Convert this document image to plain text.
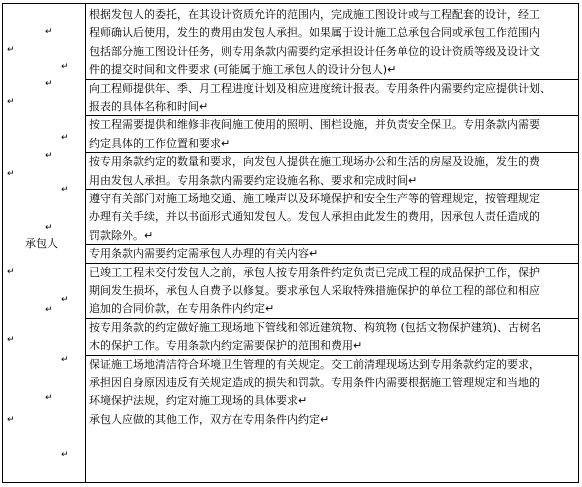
↵
↵
↵
↵
↵
↵
↵
↵
↵
↵
↵
↵
↵
↵
↵
↵
↵
↵
承包人
根据发包人的委托，在其设计资质允许的范围内，完成施工图设计或与工程配套的设计，经工
程师确认后使用，发生的费用由发包人承担。如果属于设计施工总承包合同或承包工作范围内
包括部分施工图设计任务，则专用条款内需要约定承担设计任务单位的设计资质等级及设计文
件的提交时间和文件要求 (可能属于施工承包人的设计分包人)↵
向工程师提供年、季、月工程进度计划及相应进度统计报表。专用条件内需要约定应提供计划、
报表的具体名称和时间↵
按工程需要提供和维修非夜间施工使用的照明、围栏设施，并负责安全保卫。专用条款内需要
约定具体的工作位置和要求↵
按专用条款约定的数量和要求，向发包人提供在施工现场办公和生活的房屋及设施，发生的费
用由发包人承担。专用条款内需要约定设施名称、要求和完成时间↵
遵守有关部门对施工场地交通、施工噪声以及环境保护和安全生产等的管理规定，按管理规定
办理有关手续，并以书面形式通知发包人。发包人承担由此发生的费用，因承包人责任造成的
罚款除外。↵
专用条款内需要约定需承包人办理的有关内容↵
已竣工工程未交付发包人之前，承包人按专用条件约定负责已完成工程的成品保护工作，保护
期间发生损坏，承包人自费予以修复。要求承包人采取特殊措施保护的单位工程的部位和相应
追加的合同价款，在专用条件内约定↵
按专用条款的约定做好施工现场地下管线和邻近建筑物、构筑物 (包括文物保护建筑)、古树名
木的保护工作。专用条款内约定需要保护的范围和费用↵
保证施工场地清洁符合环境卫生管理的有关规定。交工前清理现场达到专用条款约定的要求，
承担因自身原因违反有关规定造成的损失和罚款。专用条件内需要根据施工管理规定和当地的
环境保护法规，约定对施工现场的具体要求↵
承包人应做的其他工作，双方在专用条件内约定↵
